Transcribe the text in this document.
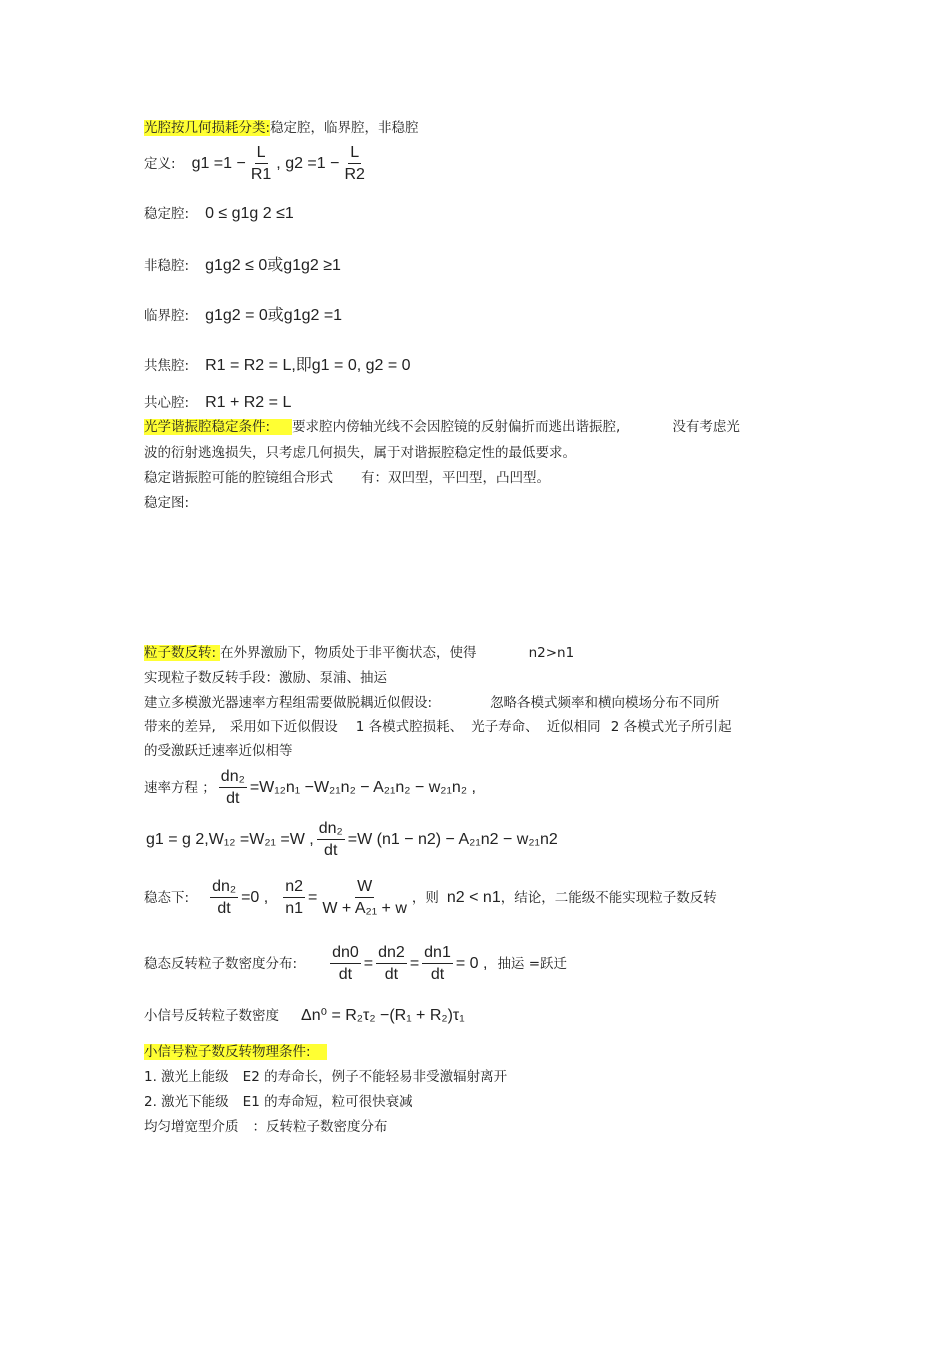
光腔按几何损耗分类:稳定腔，临界腔，非稳腔
定义: $g1 =1 - \frac{L}{R1}$ , $g2 =1 - \frac{L}{R2}$
稳定腔: 0 ≤ g1g 2 ≤1
非稳腔: g1g2 ≤ 0或g1g2 ≥1
临界腔: g1g2 = 0或g1g2 =1
共焦腔: R1 = R2 = L,即g1 = 0, g2 = 0
共心腔: R1 + R2 = L
光学谐振腔稳定条件: 要求腔内傍轴光线不会因腔镜的反射偏折而逃出谐振腔,	没有考虑光
波的衍射逃逸损失，只考虑几何损失，属于对谐振腔稳定性的最低要求。
稳定谐振腔可能的腔镜组合形式 有：双凹型，平凹型，凸凹型。
稳定图:
粒子数反转: 在外界激励下，物质处于非平衡状态，使得	n2>n1
实现粒子数反转手段：激励、泵浦、抽运
建立多模激光器速率方程组需要做脱耦近似假设:	忽略各模式频率和横向模场分布不同所
带来的差异, 采用如下近似假设 1 各模式腔损耗、 光子寿命、 近似相同 2 各模式光子所引起
的受激跃迁速率近似相等
速率方程 ； $\frac{\text{dn₂}}{dt} =W_{12}n_1 -W_{21}n_2 - A_{21}n_2 - w_{21}n_2$ ,
g1 = g 2,W₁₂ =W₂₁ =W , $\frac{\text{dn₂}}{dt} =W$ (n1 − n2) − A₂₁n2 − w₂₁n2
稳态下: $\frac{\text{dn₂}}{dt} =0$ , $\frac{n2}{n1} = \frac{W}{\text{W + A₂₁ + w}}$ ，则 n2 < n1，结论，二能级不能实现粒子数反转
稳态反转粒子数密度分布: $\frac{dn0}{dt} = \frac{dn2}{dt} = \frac{dn1}{dt} = 0$ , 抽运 =跃迁
小信号反转粒子数密度 Δn⁰ = R₂τ₂ −(R₁ + R₂)τ₁
小信号粒子数反转物理条件:
1. 激光上能级 E2 的寿命长，例子不能轻易非受激辐射离开
2. 激光下能级 E1 的寿命短，粒可很快衰减
均匀增宽型介质 ：反转粒子数密度分布
